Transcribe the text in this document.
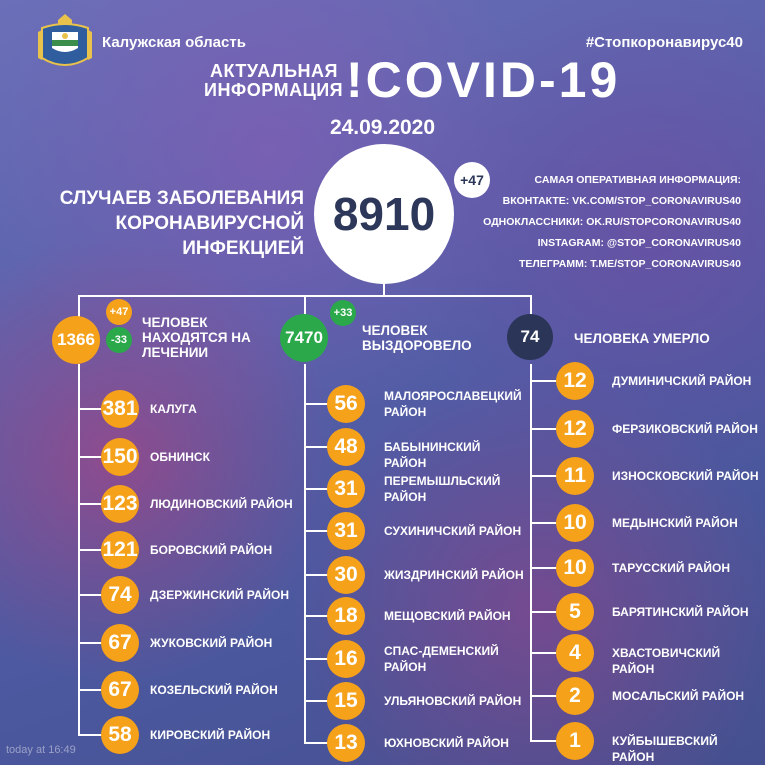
Калужская область	#Стопкоронавирус40
АКТУАЛЬНАЯ ИНФОРМАЦИЯ !COVID-19
24.09.2020
СЛУЧАЕВ ЗАБОЛЕВАНИЯ КОРОНАВИРУСНОЙ ИНФЕКЦИЕЙ
8910
+47	САМАЯ ОПЕРАТИВНАЯ ИНФОРМАЦИЯ:
ВКОНТАКТЕ: VK.COM/STOP_CORONAVIRUS40
ОДНОКЛАССНИКИ: OK.RU/STOPCORONAVIRUS40
INSTAGRAM: @STOP_CORONAVIRUS40
ТЕЛЕГРАММ: T.ME/STOP_CORONAVIRUS40
1366
+47
-33
ЧЕЛОВЕК НАХОДЯТСЯ НА ЛЕЧЕНИИ
7470
+33
ЧЕЛОВЕК ВЫЗДОРОВЕЛО	74	ЧЕЛОВЕКА УМЕРЛО
381 КАЛУГА
150 ОБНИНСК
123 ЛЮДИНОВСКИЙ РАЙОН
121 БОРОВСКИЙ РАЙОН
74	ДЗЕРЖИНСКИЙ РАЙОН
67	ЖУКОВСКИЙ РАЙОН
67	КОЗЕЛЬСКИЙ РАЙОН
58	КИРОВСКИЙ РАЙОН
56	МАЛОЯРОСЛАВЕЦКИЙ РАЙОН
48	БАБЫНИНСКИЙ РАЙОН
31	ПЕРЕМЫШЛЬСКИЙ РАЙОН
31	СУХИНИЧСКИЙ РАЙОН
30	ЖИЗДРИНСКИЙ РАЙОН
18	МЕЩОВСКИЙ РАЙОН
16	СПАС-ДЕМЕНСКИЙ РАЙОН
15	УЛЬЯНОВСКИЙ РАЙОН
13	ЮХНОВСКИЙ РАЙОН
12	ДУМИНИЧСКИЙ РАЙОН
12	ФЕРЗИКОВСКИЙ РАЙОН
11	ИЗНОСКОВСКИЙ РАЙОН
10	МЕДЫНСКИЙ РАЙОН
10	ТАРУССКИЙ РАЙОН
5	БАРЯТИНСКИЙ РАЙОН
4	ХВАСТОВИЧСКИЙ РАЙОН
2	МОСАЛЬСКИЙ РАЙОН
1	КУЙБЫШЕВСКИЙ РАЙОН
today at 16:49
